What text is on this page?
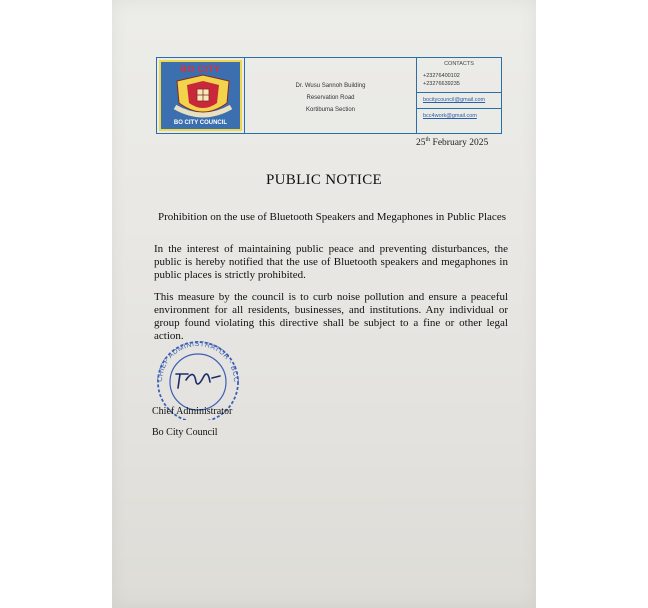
BO CITY
BO CITY COUNCIL
Dr. Wusu Sannoh Building
Reservation Road
Kortibuma Section
CONTACTS
+23276400102
+23276639235
bocitycouncil@gmail.com
bcc4work@gmail.com
25th February 2025
PUBLIC NOTICE
Prohibition on the use of Bluetooth Speakers and Megaphones in Public Places
In the interest of maintaining public peace and preventing disturbances, the public is hereby notified that the use of Bluetooth speakers and megaphones in public places is strictly prohibited.
This measure by the council is to curb noise pollution and ensure a peaceful environment for all residents, businesses, and institutions. Any individual or group found violating this directive shall be subject to a fine or other legal action.
CHIEF ADMINISTRATOR - BCC
Chief Administrator
Bo City Council
